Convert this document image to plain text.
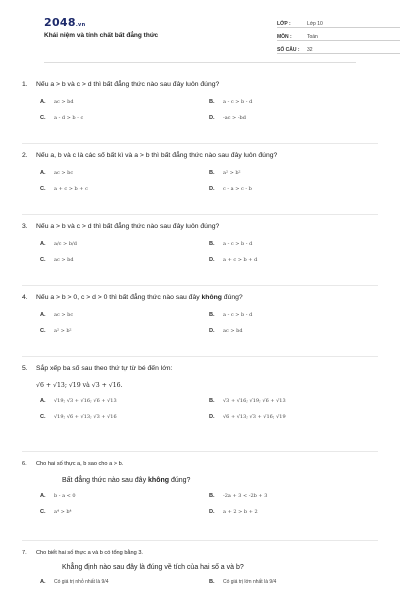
2048.vn
Khái niệm và tính chất bất đẳng thức
LỚP :	Lớp 10
MÔN :	Toán
SỐ CÂU :	32
1.	Nếu a > b và c > d thì bất đẳng thức nào sau đây luôn đúng?
A.	ac > bd	B.	a - c > b - d
C.	a - d > b - c	D.	-ac > -bd
2.	Nếu a, b và c là các số bất kì và a > b thì bất đẳng thức nào sau đây luôn đúng?
A.	ac > bc	B.	a² > b²
C.	a + c > b + c	D.	c - a > c - b
3.	Nếu a > b và c > d thì bất đẳng thức nào sau đây luôn đúng?
A.	a/c > b/d	B.	a - c > b - d
C.	ac > bd	D.	a + c > b + d
4.	Nếu a > b > 0, c > d > 0 thì bất đẳng thức nào sau đây không đúng?
A.	ac > bc	B.	a - c > b - d
C.	a² > b²	D.	ac > bd
5.	Sắp xếp ba số sau theo thứ tự từ bé đến lớn:
√6 + √13; √19 và √3 + √16.
A.	√19; √3 + √16; √6 + √13	B.	√3 + √16; √19; √6 + √13
C.	√19; √6 + √13; √3 + √16	D.	√6 + √13; √3 + √16; √19
6.	Cho hai số thực a, b sao cho a > b.
Bất đẳng thức nào sau đây không đúng?
A.	b - a < 0	B.	-2a + 3 < -2b + 3
C.	a⁴ > b⁴	D.	a + 2 > b + 2
7.	Cho biết hai số thực a và b có tổng bằng 3.
Khẳng định nào sau đây là đúng về tích của hai số a và b?
A.	Có giá trị nhỏ nhất là 9/4	B.	Có giá trị lớn nhất là 9/4
